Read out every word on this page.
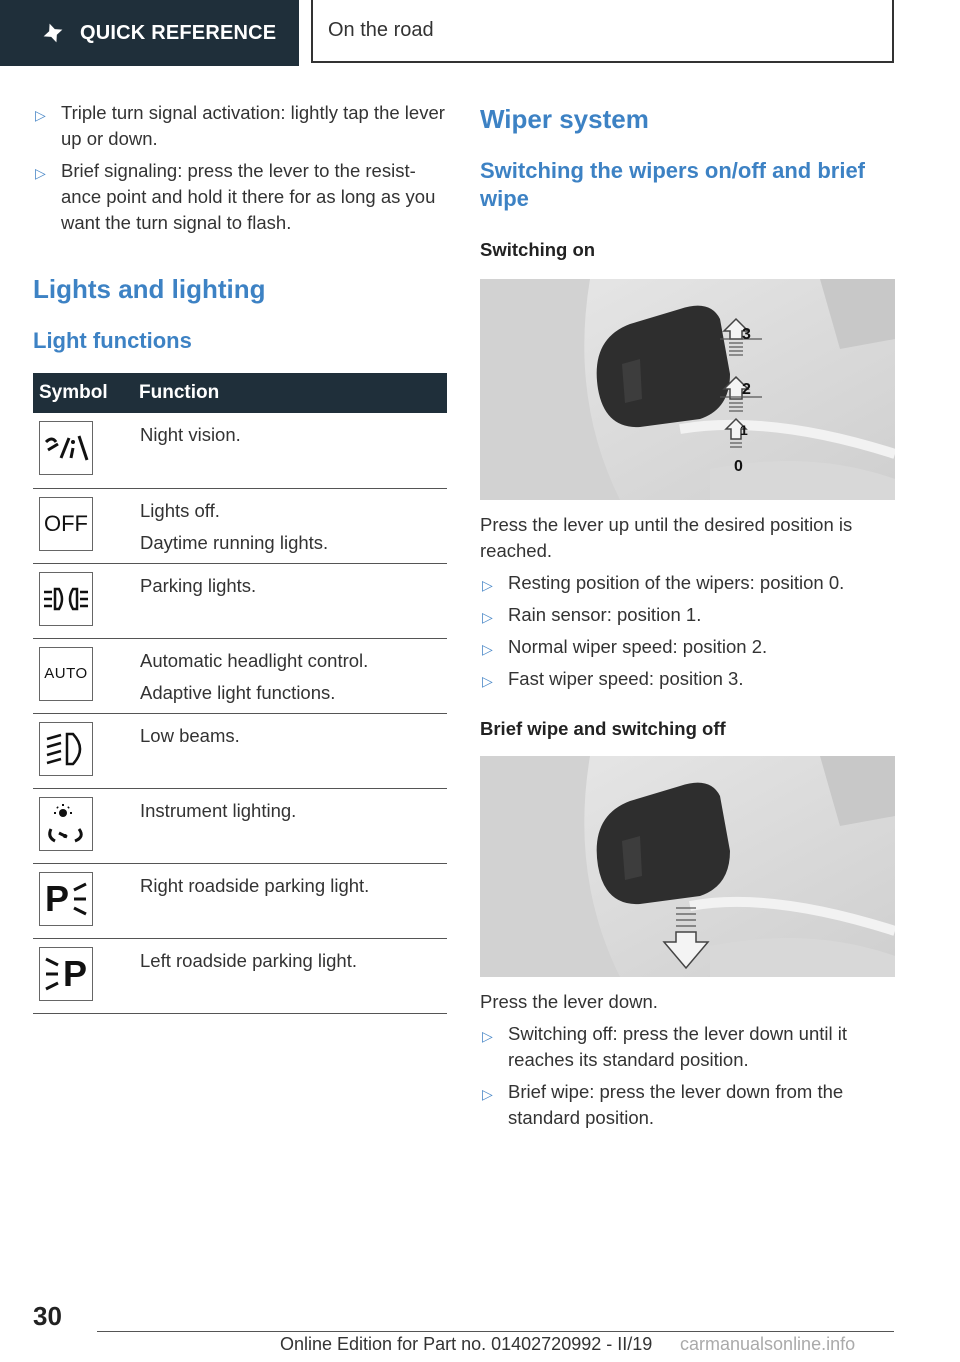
QUICK REFERENCE	On the road
▷ Triple turn signal activation: lightly tap the lever up or down.
▷ Brief signaling: press the lever to the resist-ance point and hold it there for as long as you want the turn signal to flash.
Lights and lighting
Light functions
Symbol	Function

Night vision.

OFF	Lights off.
Daytime running lights.

Parking lights.

AUTO	Automatic headlight control.
Adaptive light functions.

Low beams.

Instrument lighting.

P	Right roadside parking light.

P	Left roadside parking light.
Wiper system
Switching the wipers on/off and brief wipe
Switching on
3
2
1
0

Press the lever up until the desired position is reached.

▷ Resting position of the wipers: position 0.
▷ Rain sensor: position 1.
▷ Normal wiper speed: position 2.
▷ Fast wiper speed: position 3.
Brief wipe and switching off

Press the lever down.

▷ Switching off: press the lever down until it reaches its standard position.
▷ Brief wipe: press the lever down from the standard position.
30
Online Edition for Part no. 01402720992 - II/19 carmanualsonline.info
